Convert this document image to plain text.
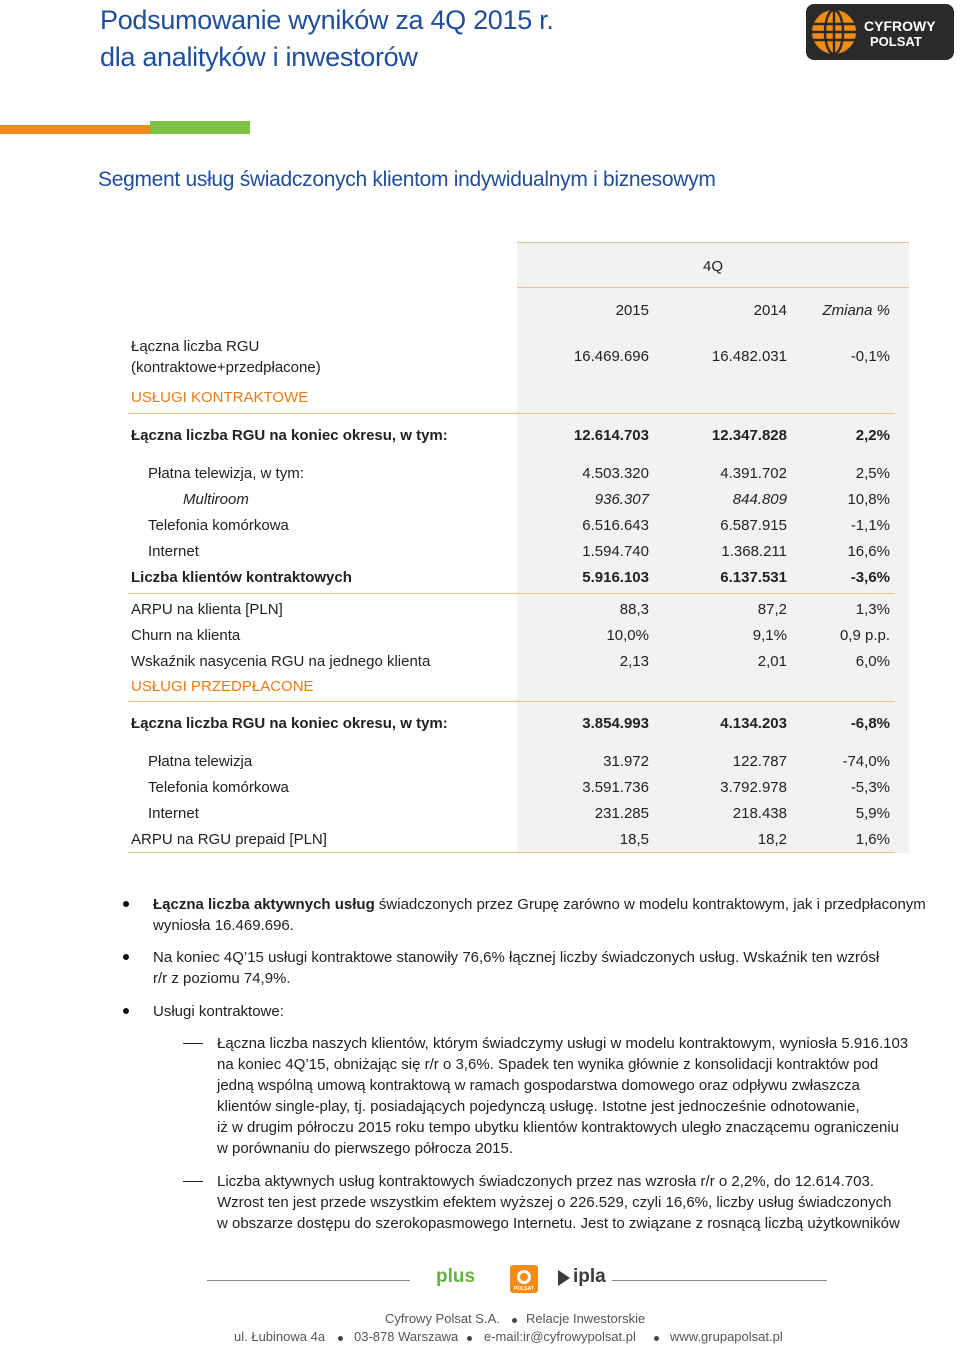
Podsumowanie wyników za 4Q 2015 r.
dla analityków i inwestorów
CYFROWY
POLSAT
Segment usług świadczonych klientom indywidualnym i biznesowym
4Q
2015	2014 Zmiana %
Łączna liczba RGU
(kontraktowe+przedpłacone)
16.469.696	16.482.031	-0,1%
USŁUGI KONTRAKTOWE
Łączna liczba RGU na koniec okresu, w tym:	12.614.703	12.347.828	2,2%
Płatna telewizja, w tym:	4.503.320	4.391.702	2,5%
Multiroom	936.307	844.809	10,8%
Telefonia komórkowa	6.516.643	6.587.915	-1,1%
Internet	1.594.740	1.368.211	16,6%
Liczba klientów kontraktowych	5.916.103	6.137.531	-3,6%
ARPU na klienta [PLN]	88,3	87,2	1,3%
Churn na klienta	10,0%	9,1%	0,9 p.p.
Wskaźnik nasycenia RGU na jednego klienta	2,13	2,01	6,0%
USŁUGI PRZEDPŁACONE
Łączna liczba RGU na koniec okresu, w tym:	3.854.993	4.134.203	-6,8%
Płatna telewizja	31.972	122.787	-74,0%
Telefonia komórkowa	3.591.736	3.792.978	-5,3%
Internet	231.285	218.438	5,9%
ARPU na RGU prepaid [PLN]	18,5	18,2	1,6%
Łączna liczba aktywnych usług świadczonych przez Grupę zarówno w modelu kontraktowym, jak i przedpłaconym
wyniosła 16.469.696.
Na koniec 4Q’15 usługi kontraktowe stanowiły 76,6% łącznej liczby świadczonych usług. Wskaźnik ten wzrósł
r/r z poziomu 74,9%.
Usługi kontraktowe:
Łączna liczba naszych klientów, którym świadczymy usługi w modelu kontraktowym, wyniosła 5.916.103
na koniec 4Q’15, obniżając się r/r o 3,6%. Spadek ten wynika głównie z konsolidacji kontraktów pod
jedną wspólną umową kontraktową w ramach gospodarstwa domowego oraz odpływu zwłaszcza
klientów single-play, tj. posiadających pojedynczą usługę. Istotne jest jednocześnie odnotowanie,
iż w drugim półroczu 2015 roku tempo ubytku klientów kontraktowych uległo znaczącemu ograniczeniu
w porównaniu do pierwszego półrocza 2015.
Liczba aktywnych usług kontraktowych świadczonych przez nas wzrosła r/r o 2,2%, do 12.614.703.
Wzrost ten jest przede wszystkim efektem wyższej o 226.529, czyli 16,6%, liczby usług świadczonych
w obszarze dostępu do szerokopasmowego Internetu. Jest to związane z rosnącą liczbą użytkowników
plus
POLSAT
ipla
Cyfrowy Polsat S.A. Relacje Inwestorskie
ul. Łubinowa 4a 03-878 Warszawa e-mail:ir@cyfrowypolsat.pl	www.grupapolsat.pl
